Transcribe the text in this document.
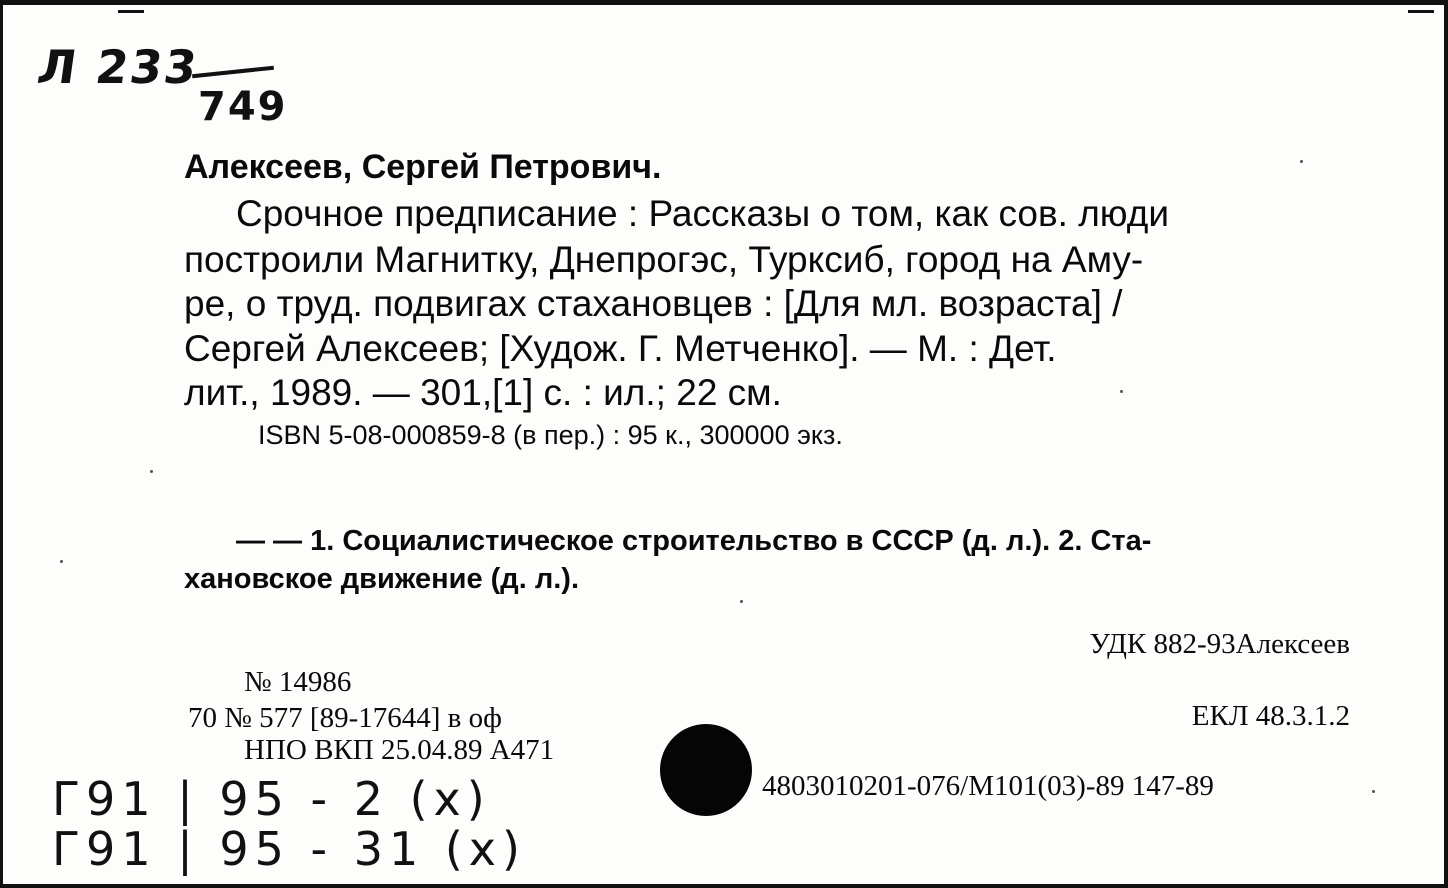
Л 233
749
Алексеев, Сергей Петрович.
Срочное предписание : Рассказы о том, как сов. люди
построили Магнитку, Днепрогэс, Турксиб, город на Аму-
ре, о труд. подвигах стахановцев : [Для мл. возраста] /
Сергей Алексеев; [Худож. Г. Метченко]. — М. : Дет.
лит., 1989. — 301,[1] с. : ил.; 22 см.
ISBN 5-08-000859-8 (в пер.) : 95 к., 300000 экз.
— — 1. Социалистическое строительство в СССР (д. л.). 2. Ста-
хановское движение (д. л.).
УДК 882-93Алексеев
ЕКЛ 48.3.1.2
4803010201-076/М101(03)-89 147-89
№ 14986
70 № 577 [89-17644] в оф
НПО ВКП 25.04.89 А471
Г91 | 95 - 2 (х)
Г91 | 95 - 31 (х)
